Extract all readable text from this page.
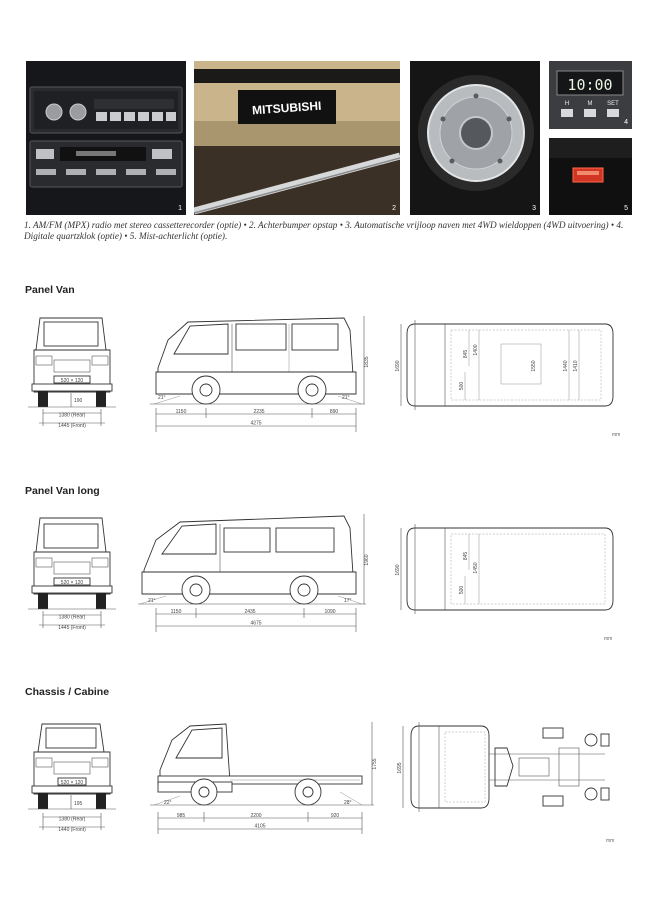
1
MITSUBISHI
2	3
10:00
H	M SET
4
5
1. AM/FM (MPX) radio met stereo cassetterecorder (optie) • 2. Achterbumper opstap • 3. Automatische vrijloop naven met 4WD wieldoppen (4WD uitvoering) • 4. Digitale quartzklok (optie) • 5. Mist-achterlicht (optie).
Panel Van
520 × 120
190
1380 (Rear)
1445 (Front)
21°	21°
1835
1150	2235	890
4275
1690
845 1400
500
1550	1440 1410
mm
Panel Van long
520 × 120
1380 (Rear)
1445 (Front)
21°	17°
1960
1150	2435	1090
4675
1690
845
1450
500
mm
Chassis / Cabine
520 × 120
195
1380 (Rear)
1440 (Front)
22°	28°
1755
985	2200	920
4105
1695
mm
